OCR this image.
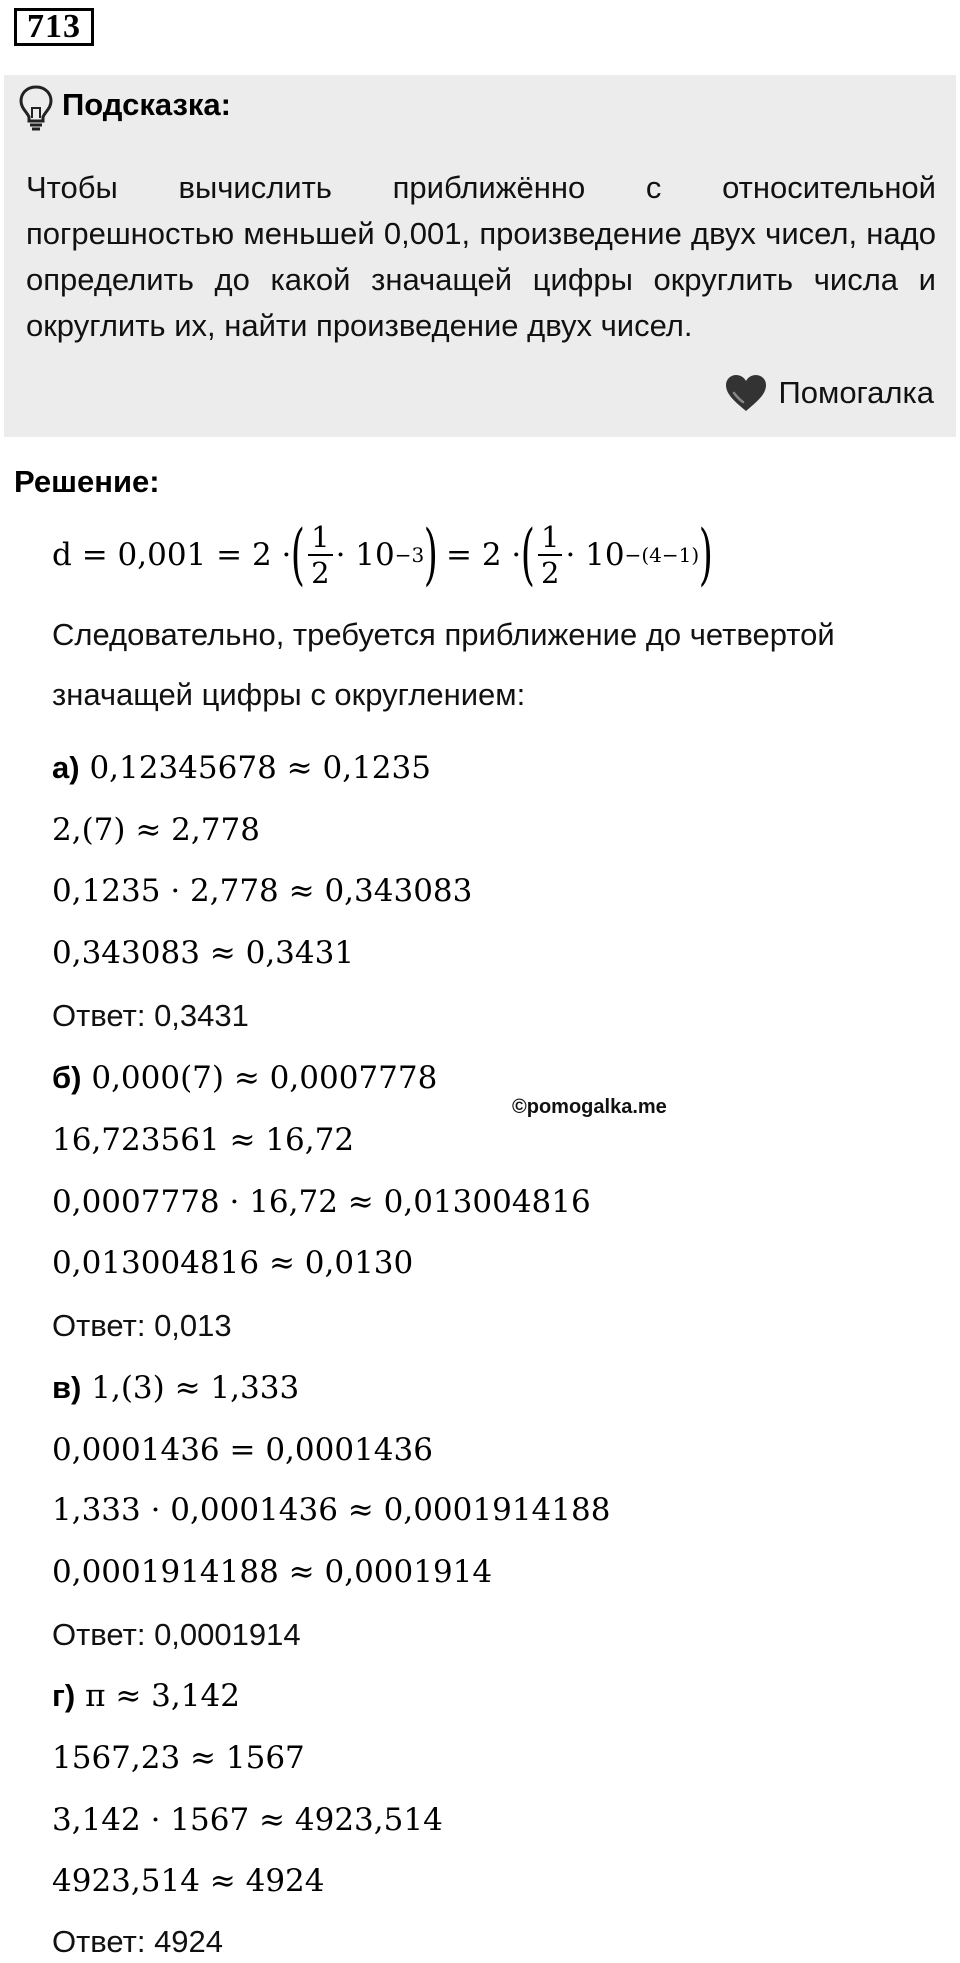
713
Подсказка:
Чтобы вычислить приближённо с относительной погрешностью меньшей 0,001, произведение двух чисел, надо определить до какой значащей цифры округлить числа и округлить их, найти произведение двух чисел.
Помогалка
Решение:
d = 0,001 = 2 · ( $\frac{1}{2} \cdot 10 -3$ ) = 2 · ( $\frac{1}{2} \cdot 10 -(4-1)$ )
Следовательно, требуется приближение до четвертой
значащей цифры с округлением:
а) 0,12345678 ≈ 0,1235
2,(7) ≈ 2,778
0,1235 · 2,778 ≈ 0,343083
0,343083 ≈ 0,3431
Ответ: 0,3431
б) 0,000(7) ≈ 0,0007778
©pomogalka.me
16,723561 ≈ 16,72
0,0007778 · 16,72 ≈ 0,013004816
0,013004816 ≈ 0,0130
Ответ: 0,013
в) 1,(3) ≈ 1,333
0,0001436 = 0,0001436
1,333 · 0,0001436 ≈ 0,0001914188
0,0001914188 ≈ 0,0001914
Ответ: 0,0001914
г) π ≈ 3,142
1567,23 ≈ 1567
3,142 · 1567 ≈ 4923,514
4923,514 ≈ 4924
Ответ: 4924
